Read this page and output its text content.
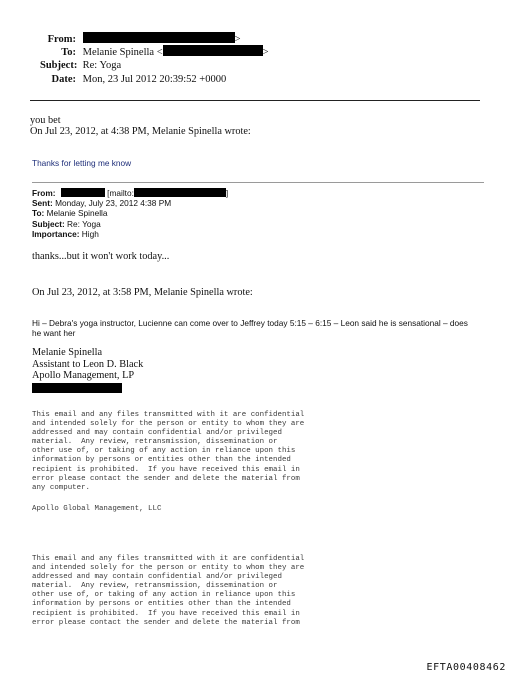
From:	>
To: Melanie Spinella <	>
Subject: Re: Yoga
Date: Mon, 23 Jul 2012 20:39:52 +0000
you bet
On Jul 23, 2012, at 4:38 PM, Melanie Spinella wrote:
Thanks for letting me know
From:	[mailto:	]
Sent: Monday, July 23, 2012 4:38 PM
To: Melanie Spinella
Subject: Re: Yoga
Importance: High
thanks...but it won't work today...
On Jul 23, 2012, at 3:58 PM, Melanie Spinella wrote:
Hi – Debra's yoga instructor, Lucienne can come over to Jeffrey today 5:15 – 6:15 – Leon said he is sensational – does
he want her
Melanie Spinella
Assistant to Leon D. Black
Apollo Management, LP
This email and any files transmitted with it are confidential
and intended solely for the person or entity to whom they are
addressed and may contain confidential and/or privileged
material.  Any review, retransmission, dissemination or
other use of, or taking of any action in reliance upon this
information by persons or entities other than the intended
recipient is prohibited.  If you have received this email in
error please contact the sender and delete the material from
any computer.
Apollo Global Management, LLC
This email and any files transmitted with it are confidential
and intended solely for the person or entity to whom they are
addressed and may contain confidential and/or privileged
material.  Any review, retransmission, dissemination or
other use of, or taking of any action in reliance upon this
information by persons or entities other than the intended
recipient is prohibited.  If you have received this email in
error please contact the sender and delete the material from
EFTA00408462
